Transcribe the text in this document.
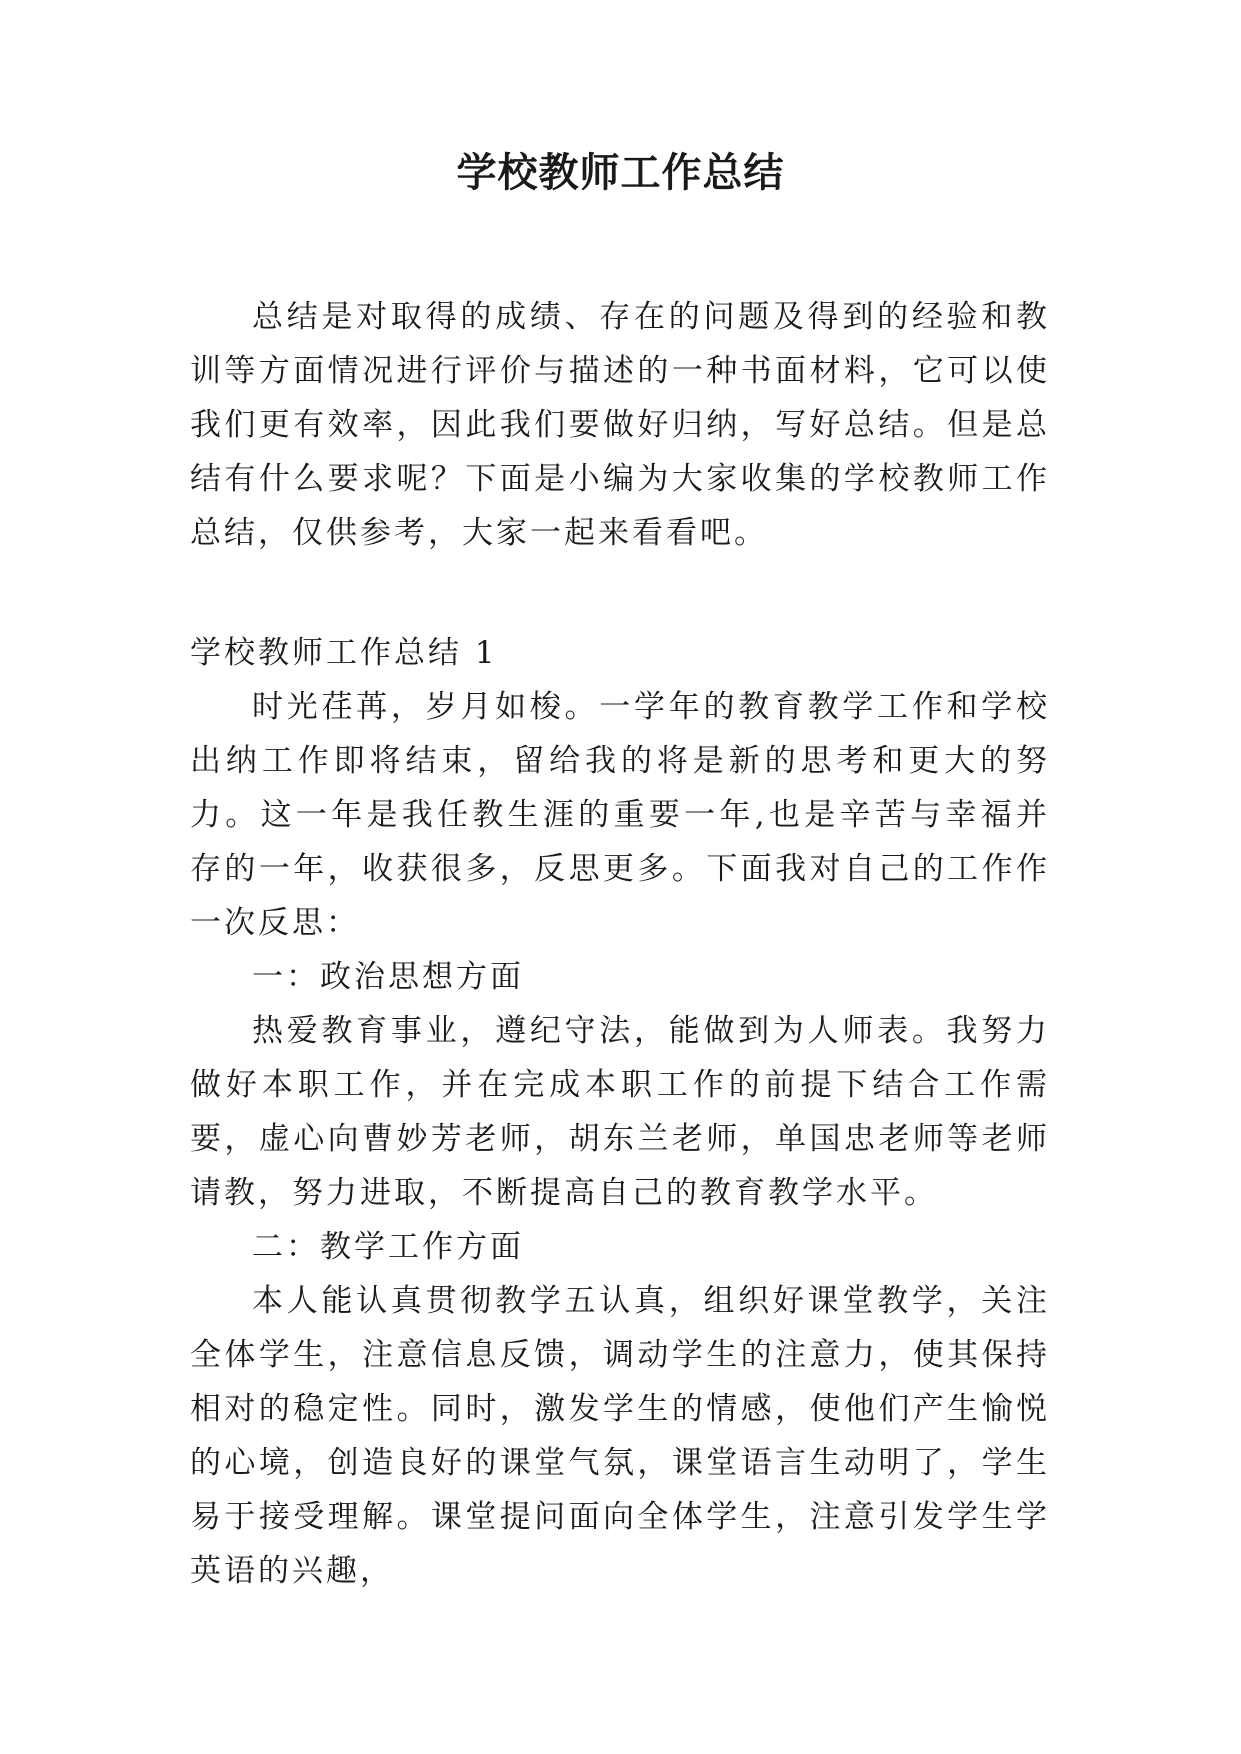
学校教师工作总结

总结是对取得的成绩、存在的问题及得到的经验和教训等方面情况进行评价与描述的一种书面材料，它可以使我们更有效率，因此我们要做好归纳，写好总结。但是总结有什么要求呢？下面是小编为大家收集的学校教师工作总结，仅供参考，大家一起来看看吧。

学校教师工作总结 1

时光荏苒，岁月如梭。一学年的教育教学工作和学校出纳工作即将结束，留给我的将是新的思考和更大的努力。这一年是我任教生涯的重要一年,也是辛苦与幸福并存的一年，收获很多，反思更多。下面我对自己的工作作一次反思：

一：政治思想方面

热爱教育事业，遵纪守法，能做到为人师表。我努力做好本职工作，并在完成本职工作的前提下结合工作需要，虚心向曹妙芳老师，胡东兰老师，单国忠老师等老师请教，努力进取，不断提高自己的教育教学水平。

二：教学工作方面

本人能认真贯彻教学五认真，组织好课堂教学，关注全体学生，注意信息反馈，调动学生的注意力，使其保持相对的稳定性。同时，激发学生的情感，使他们产生愉悦的心境，创造良好的课堂气氛，课堂语言生动明了，学生易于接受理解。课堂提问面向全体学生，注意引发学生学英语的兴趣，
